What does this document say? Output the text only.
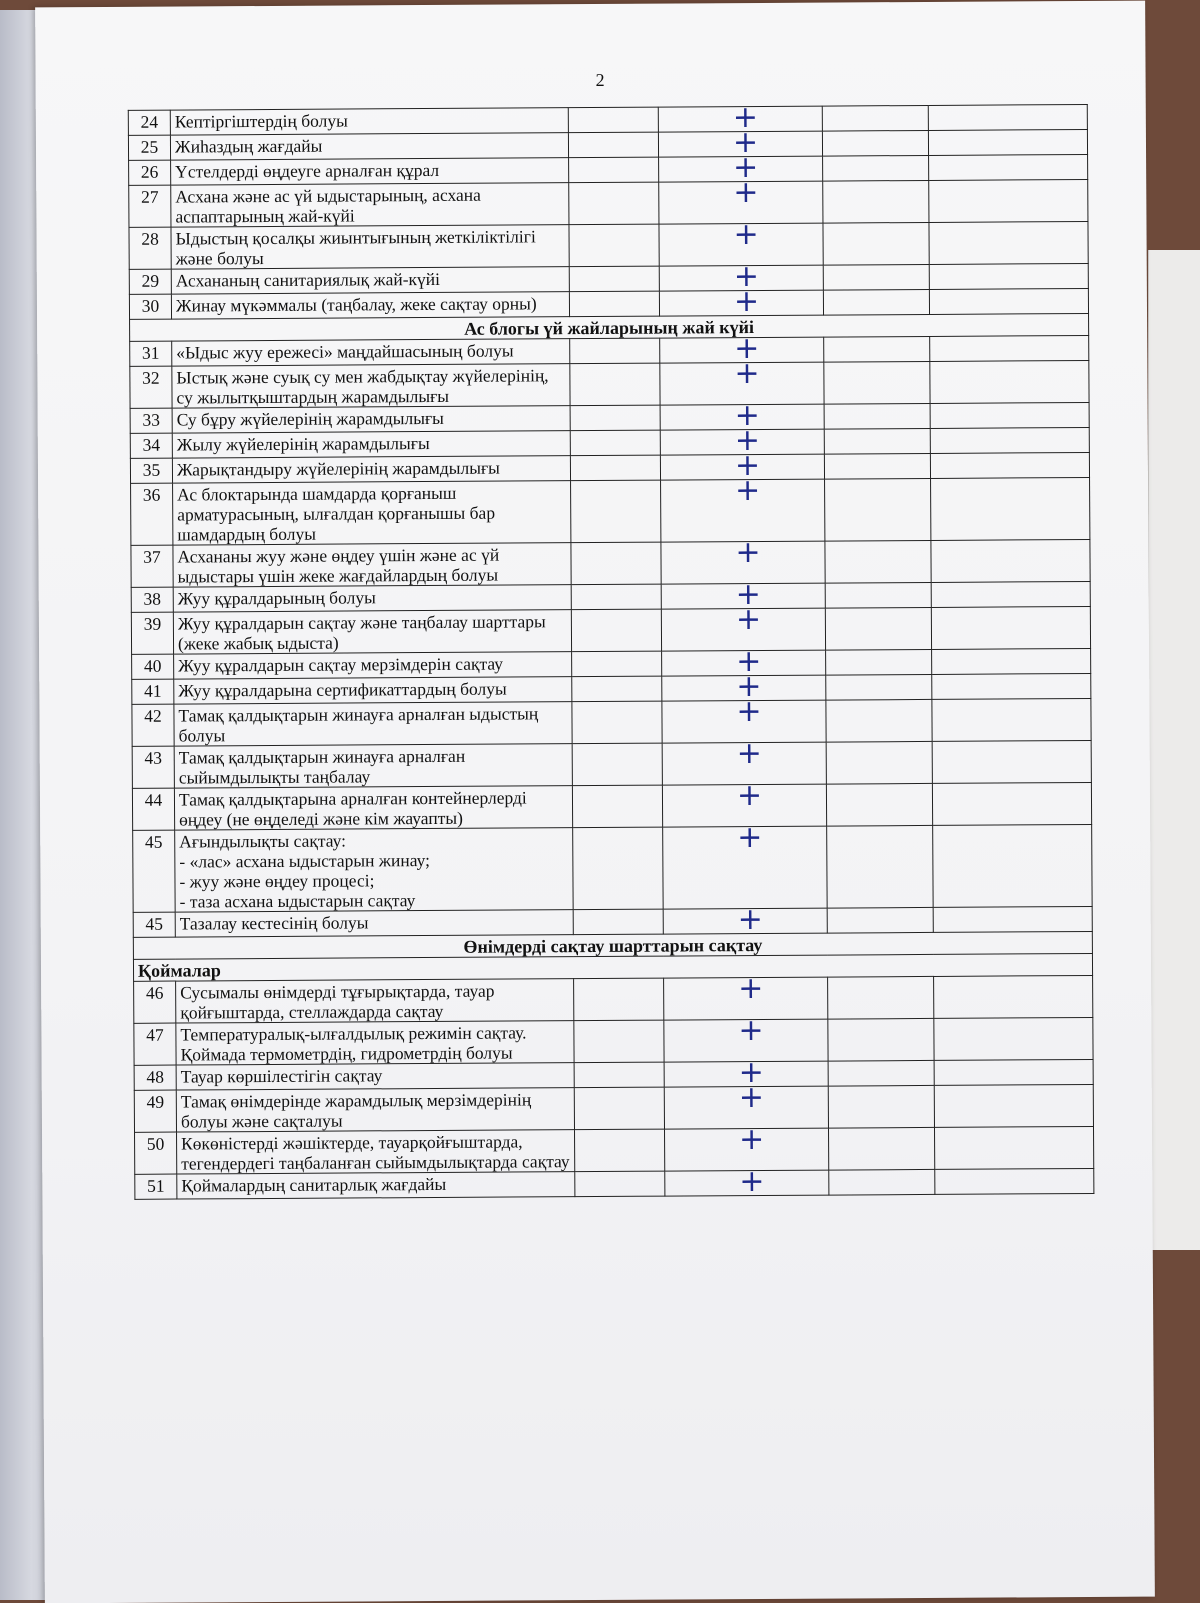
2
24	Кептіргіштердің болуы		+		
25	Жиһаздың жағдайы		+		
26	Үстелдерді өңдеуге арналған құрал		+		
27	Асхана және ас үй ыдыстарының, асхана аспаптарының жай-күйі		+		
28	Ыдыстың қосалқы жиынтығының жеткіліктілігі және болуы		+		
29	Асхананың санитариялық жай-күйі		+		
30	Жинау мүкәммалы (таңбалау, жеке сақтау орны)		+		
Ас блогы үй жайларының жай күйі					
31	«Ыдыс жуу ережесі» маңдайшасының болуы		+		
32	Ыстық және суық су мен жабдықтау жүйелерінің, су жылытқыштардың жарамдылығы		+		
33	Су бұру жүйелерінің жарамдылығы		+		
34	Жылу жүйелерінің жарамдылығы		+		
35	Жарықтандыру жүйелерінің жарамдылығы		+		
36	Ас блоктарында шамдарда қорғаныш арматурасының, ылғалдан қорғанышы бар шамдардың болуы		+		
37	Асхананы жуу және өңдеу үшін және ас үй ыдыстары үшін жеке жағдайлардың болуы		+		
38	Жуу құралдарының болуы		+		
39	Жуу құралдарын сақтау және таңбалау шарттары (жеке жабық ыдыста)		+		
40	Жуу құралдарын сақтау мерзімдерін сақтау		+		
41	Жуу құралдарына сертификаттардың болуы		+		
42	Тамақ қалдықтарын жинауға арналған ыдыстың болуы		+		
43	Тамақ қалдықтарын жинауға арналған сыйымдылықты таңбалау		+		
44	Тамақ қалдықтарына арналған контейнерлерді өңдеу (не өңделеді және кім жауапты)		+		
45	Ағындылықты сақтау:
- «лас» асхана ыдыстарын жинау;
- жуу және өңдеу процесі;
- таза асхана ыдыстарын сақтау		+		
45	Тазалау кестесінің болуы		+		
Өнімдерді сақтау шарттарын сақтау					
Қоймалар					
46	Сусымалы өнімдерді тұғырықтарда, тауар қойғыштарда, стеллаждарда сақтау		+		
47	Температуралық-ылғалдылық режимін сақтау. Қоймада термометрдің, гидрометрдің болуы		+		
48	Тауар көршілестігін сақтау		+		
49	Тамақ өнімдерінде жарамдылық мерзімдерінің болуы және сақталуы		+		
50	Көкөністерді жәшіктерде, тауарқойғыштарда, тегендердегі таңбаланған сыйымдылықтарда сақтау		+		
51	Қоймалардың санитарлық жағдайы		+		
